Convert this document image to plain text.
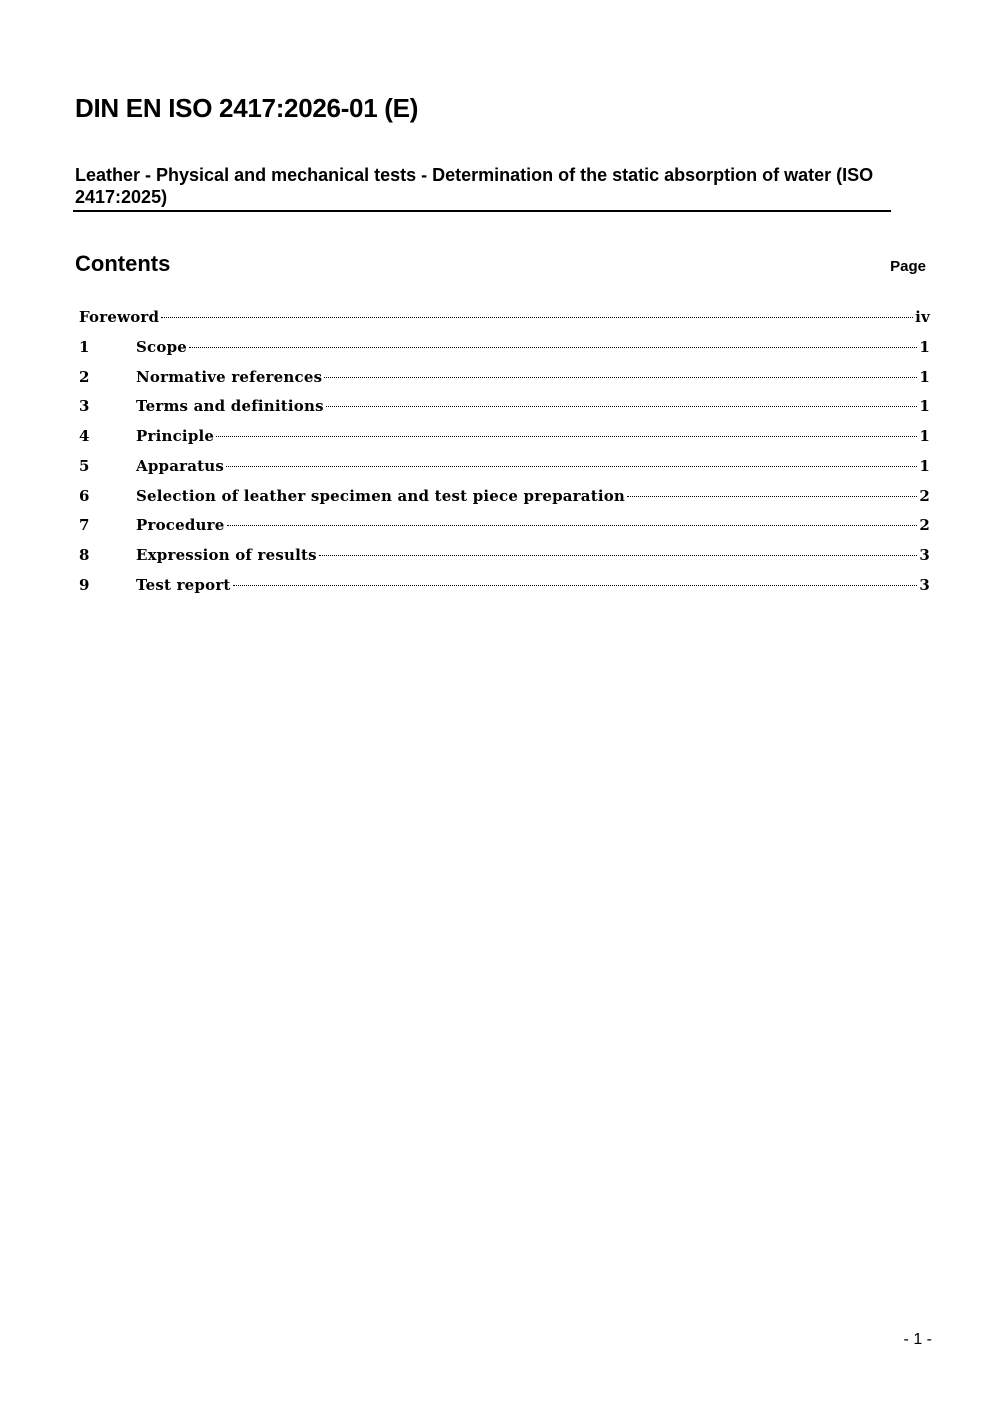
DIN EN ISO 2417:2026-01 (E)
Leather - Physical and mechanical tests - Determination of the static absorption of water (ISO 2417:2025)
Contents	Page
Foreword	iv
1	Scope	1
2	Normative references	1
3	Terms and definitions	1
4	Principle	1
5	Apparatus	1
6	Selection of leather specimen and test piece preparation	2
7	Procedure	2
8	Expression of results	3
9	Test report	3
- 1 -
